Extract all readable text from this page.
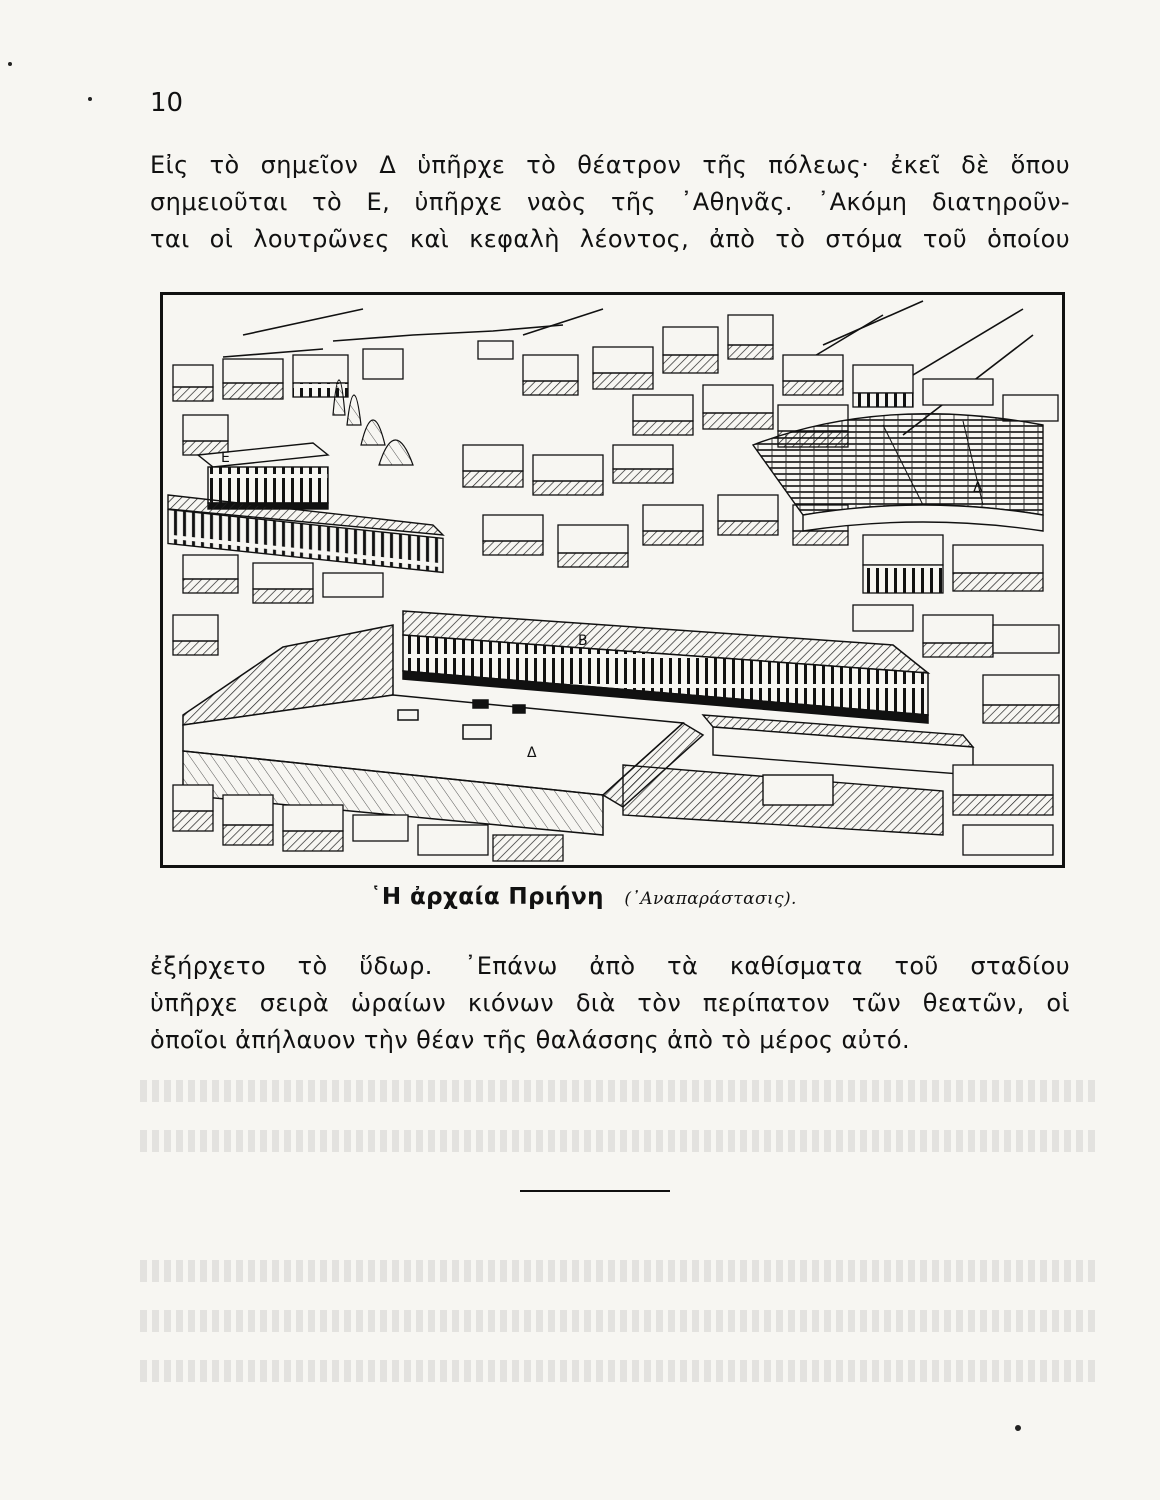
10
Εἰς τὸ σημεῖον Δ ὑπῆρχε τὸ θέατρον τῆς πόλεως· ἐκεῖ δὲ ὅπου
σημειοῦται τὸ Ε, ὑπῆρχε ναὸς τῆς ᾽Αθηνᾶς. ᾽Ακόμη διατηροῦν-
ται οἱ λουτρῶνες καὶ κεφαλὴ λέοντος, ἀπὸ τὸ στόμα τοῦ ὁποίου
Ε
Δ
Β
Δ
῾Η ἀρχαία Πριήνη (᾽Αναπαράστασις).
ἐξήρχετο τὸ ὕδωρ. ᾽Επάνω ἀπὸ τὰ καθίσματα τοῦ σταδίου
ὑπῆρχε σειρὰ ὡραίων κιόνων διὰ τὸν περίπατον τῶν θεατῶν, οἱ
ὁποῖοι ἀπήλαυον τὴν θέαν τῆς θαλάσσης ἀπὸ τὸ μέρος αὐτό.
